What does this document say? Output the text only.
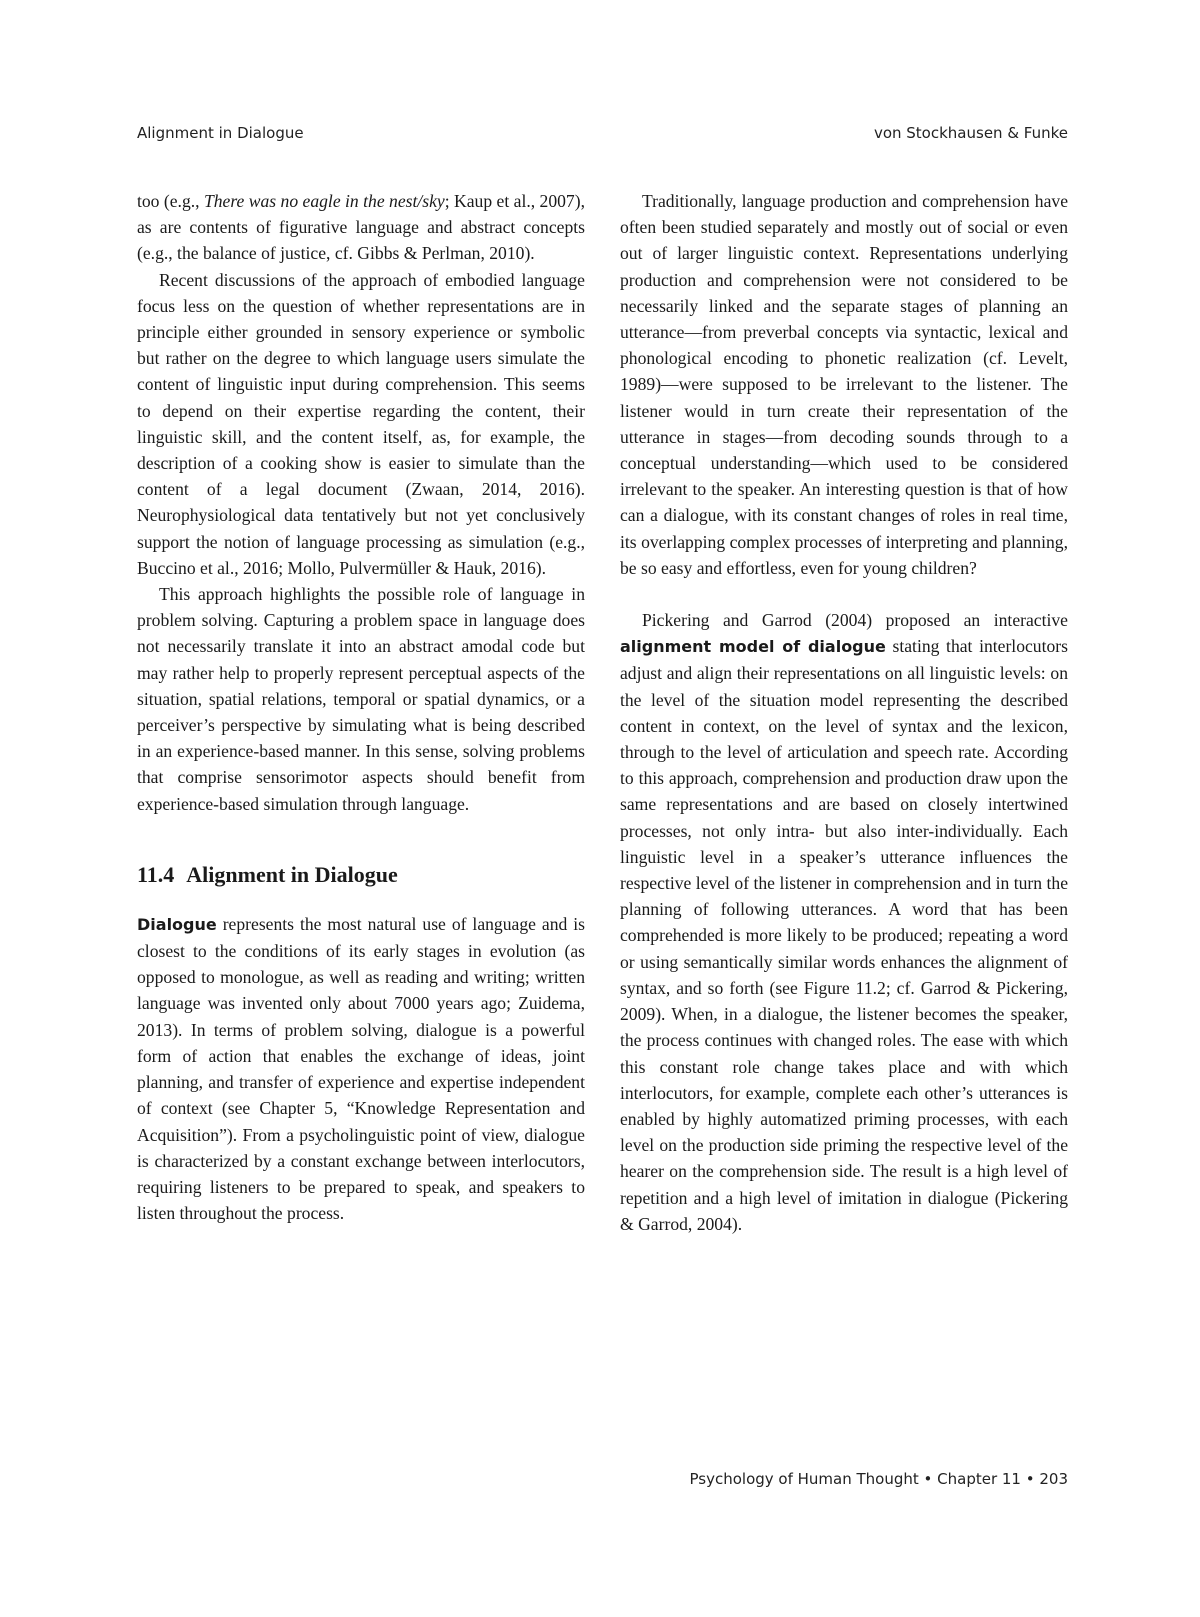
Alignment in Dialogue	von Stockhausen & Funke

too (e.g., There was no eagle in the nest/sky; Kaup et al., 2007), as are contents of figurative language and abstract concepts (e.g., the balance of justice, cf. Gibbs & Perlman, 2010).

Recent discussions of the approach of embodied language focus less on the question of whether representations are in principle either grounded in sensory experience or symbolic but rather on the degree to which language users simulate the content of linguistic input during comprehension. This seems to depend on their expertise regarding the content, their linguistic skill, and the content itself, as, for example, the description of a cooking show is easier to simulate than the content of a legal document (Zwaan, 2014, 2016). Neurophysiological data tentatively but not yet conclusively support the notion of language processing as simulation (e.g., Buccino et al., 2016; Mollo, Pulvermüller & Hauk, 2016).

This approach highlights the possible role of language in problem solving. Capturing a problem space in language does not necessarily translate it into an abstract amodal code but may rather help to properly represent perceptual aspects of the situation, spatial relations, temporal or spatial dynamics, or a perceiver’s perspective by simulating what is being described in an experience-based manner. In this sense, solving problems that comprise sensorimotor aspects should benefit from experience-based simulation through language.

11.4 Alignment in Dialogue

Dialogue represents the most natural use of language and is closest to the conditions of its early stages in evolution (as opposed to monologue, as well as reading and writing; written language was invented only about 7000 years ago; Zuidema, 2013). In terms of problem solving, dialogue is a powerful form of action that enables the exchange of ideas, joint planning, and transfer of experience and expertise independent of context (see Chapter 5, “Knowledge Representation and Acquisition”). From a psycholinguistic point of view, dialogue is characterized by a constant exchange between interlocutors, requiring listeners to be prepared to speak, and speakers to listen throughout the process.

Traditionally, language production and comprehension have often been studied separately and mostly out of social or even out of larger linguistic context. Representations underlying production and comprehension were not considered to be necessarily linked and the separate stages of planning an utterance—from preverbal concepts via syntactic, lexical and phonological encoding to phonetic realization (cf. Levelt, 1989)—were supposed to be irrelevant to the listener. The listener would in turn create their representation of the utterance in stages—from decoding sounds through to a conceptual understanding—which used to be considered irrelevant to the speaker. An interesting question is that of how can a dialogue, with its constant changes of roles in real time, its overlapping complex processes of interpreting and planning, be so easy and effortless, even for young children?

Pickering and Garrod (2004) proposed an interactive alignment model of dialogue stating that interlocutors adjust and align their representations on all linguistic levels: on the level of the situation model representing the described content in context, on the level of syntax and the lexicon, through to the level of articulation and speech rate. According to this approach, comprehension and production draw upon the same representations and are based on closely intertwined processes, not only intra- but also inter-individually. Each linguistic level in a speaker’s utterance influences the respective level of the listener in comprehension and in turn the planning of following utterances. A word that has been comprehended is more likely to be produced; repeating a word or using semantically similar words enhances the alignment of syntax, and so forth (see Figure 11.2; cf. Garrod & Pickering, 2009). When, in a dialogue, the listener becomes the speaker, the process continues with changed roles. The ease with which this constant role change takes place and with which interlocutors, for example, complete each other’s utterances is enabled by highly automatized priming processes, with each level on the production side priming the respective level of the hearer on the comprehension side. The result is a high level of repetition and a high level of imitation in dialogue (Pickering & Garrod, 2004).

Psychology of Human Thought • Chapter 11 • 203
